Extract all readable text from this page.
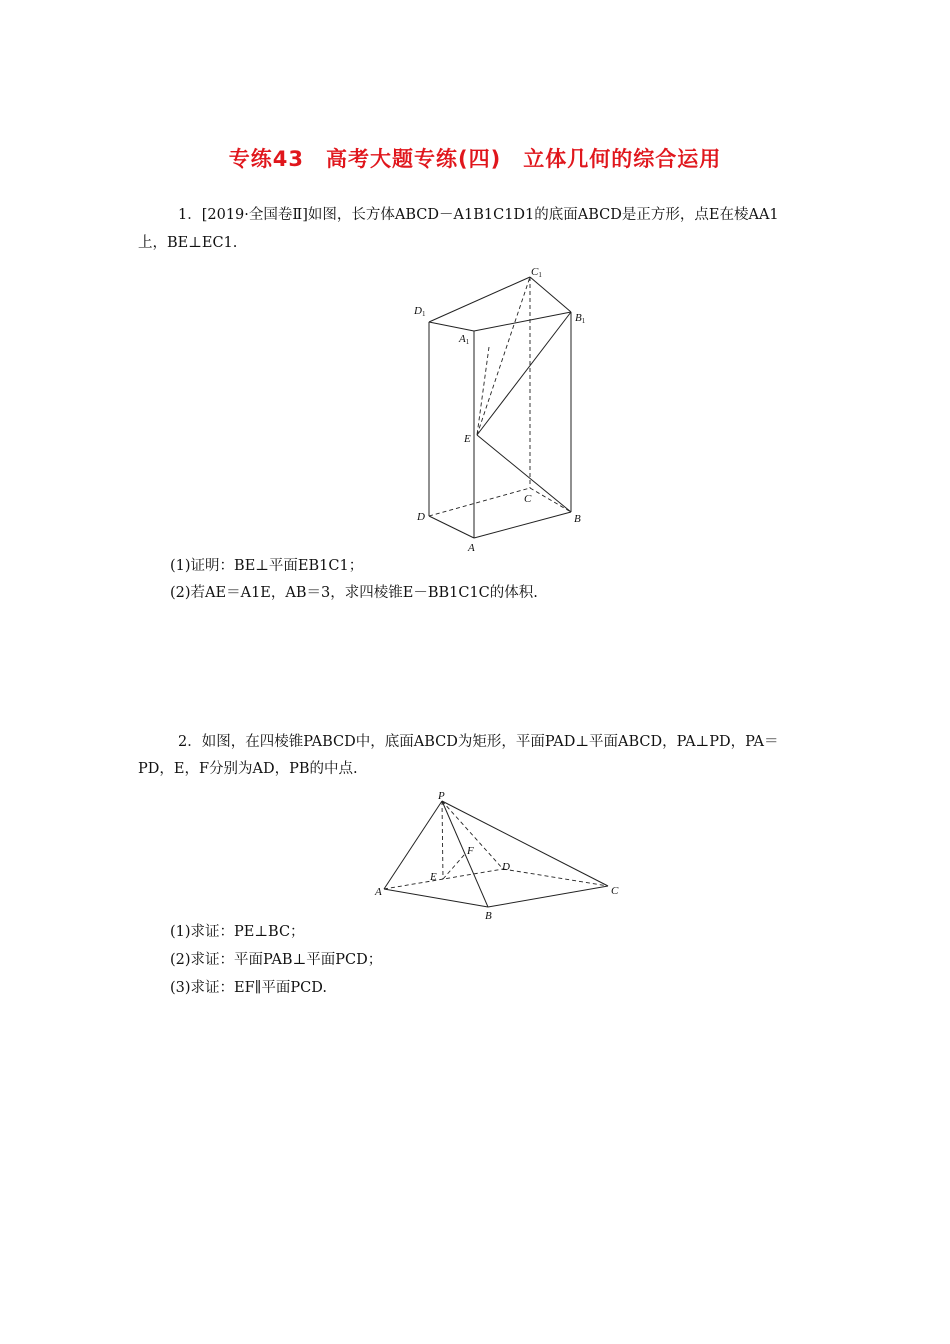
专练43　高考大题专练(四)　立体几何的综合运用
1．[2019·全国卷Ⅱ]如图，长方体ABCD－A1B1C1D1的底面ABCD是正方形，点E在棱AA1
上，BE⊥EC1.
C1
D1	B1
A1
E
C
D	B
A
(1)证明：BE⊥平面EB1C1；
(2)若AE＝A1E，AB＝3，求四棱锥E－BB1C1C的体积.
2．如图，在四棱锥PABCD中，底面ABCD为矩形，平面PAD⊥平面ABCD，PA⊥PD，PA＝
PD，E，F分别为AD，PB的中点.
P
F
D
E
A	C
B
(1)求证：PE⊥BC；
(2)求证：平面PAB⊥平面PCD；
(3)求证：EF∥平面PCD.
